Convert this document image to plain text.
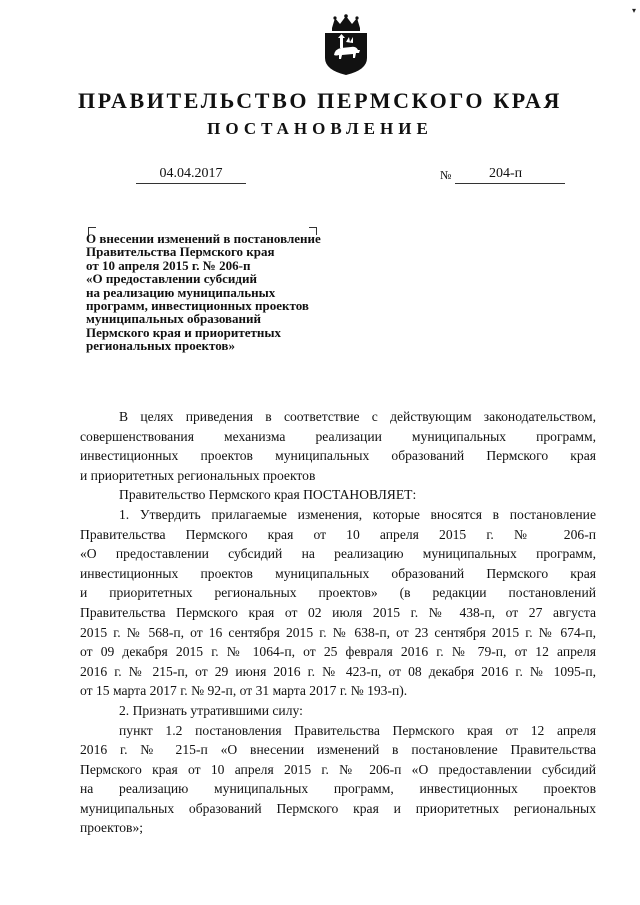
▾
ПРАВИТЕЛЬСТВО ПЕРМСКОГО КРАЯ
ПОСТАНОВЛЕНИЕ
04.04.2017	№	204-п
О внесении изменений в постановление
Правительства Пермского края
от 10 апреля 2015 г. № 206-п
«О предоставлении субсидий
на реализацию муниципальных
программ, инвестиционных проектов
муниципальных образований
Пермского края и приоритетных
региональных проектов»
В целях приведения в соответствие с действующим законодательством,
совершенствования механизма реализации муниципальных программ,
инвестиционных проектов муниципальных образований Пермского края
и приоритетных региональных проектов
Правительство Пермского края ПОСТАНОВЛЯЕТ:
1. Утвердить прилагаемые изменения, которые вносятся в постановление
Правительства Пермского края от 10 апреля 2015 г. № 206-п
«О предоставлении субсидий на реализацию муниципальных программ,
инвестиционных проектов муниципальных образований Пермского края
и приоритетных региональных проектов» (в редакции постановлений
Правительства Пермского края от 02 июля 2015 г. № 438-п, от 27 августа
2015 г. № 568-п, от 16 сентября 2015 г. № 638-п, от 23 сентября 2015 г. № 674-п,
от 09 декабря 2015 г. № 1064-п, от 25 февраля 2016 г. № 79-п, от 12 апреля
2016 г. № 215-п, от 29 июня 2016 г. № 423-п, от 08 декабря 2016 г. № 1095-п,
от 15 марта 2017 г. № 92-п, от 31 марта 2017 г. № 193-п).
2. Признать утратившими силу:
пункт 1.2 постановления Правительства Пермского края от 12 апреля
2016 г. № 215-п «О внесении изменений в постановление Правительства
Пермского края от 10 апреля 2015 г. № 206-п «О предоставлении субсидий
на реализацию муниципальных программ, инвестиционных проектов
муниципальных образований Пермского края и приоритетных региональных
проектов»;
